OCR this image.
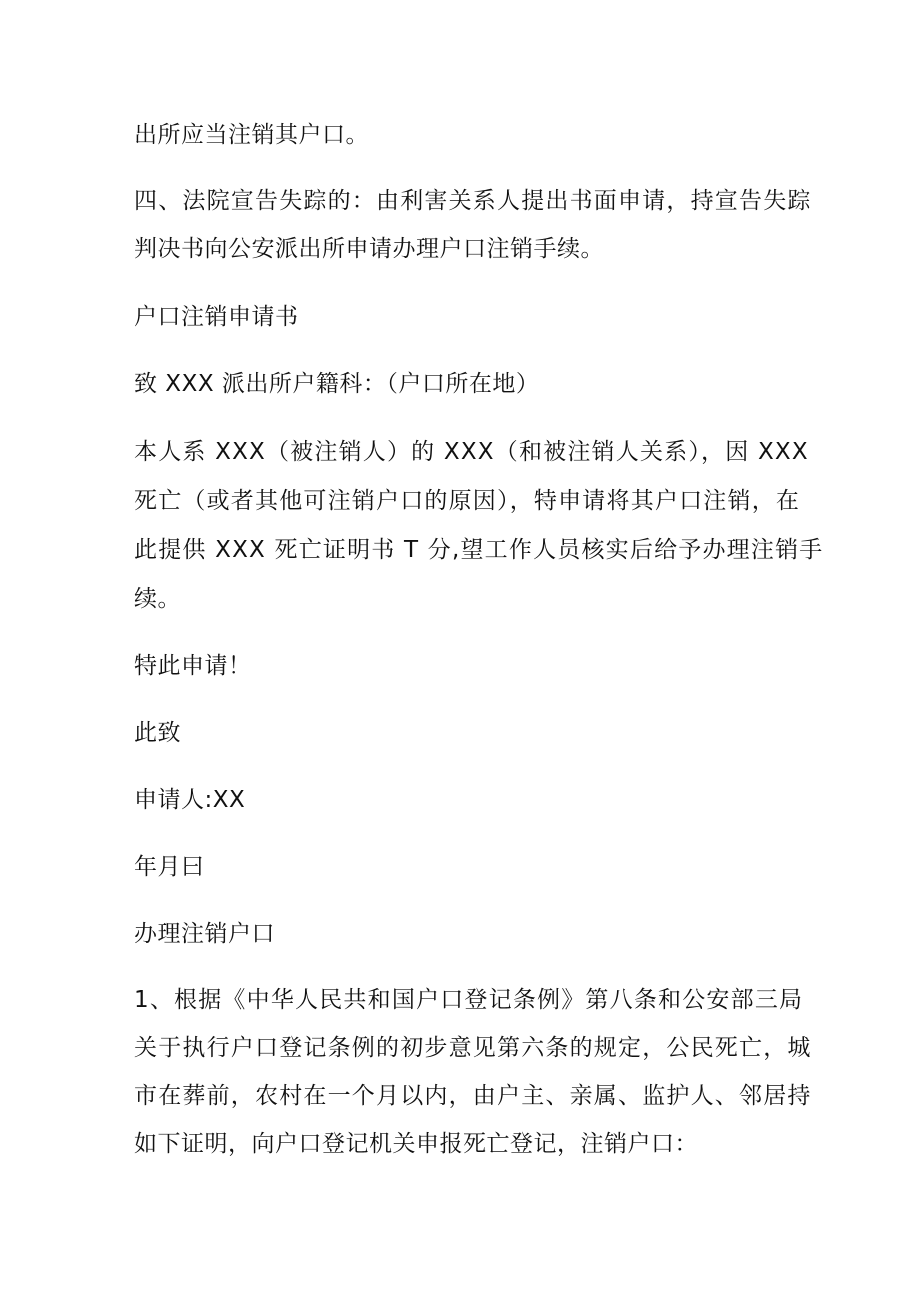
出所应当注销其户口。
四、法院宣告失踪的：由利害关系人提出书面申请，持宣告失踪
判决书向公安派出所申请办理户口注销手续。
户口注销申请书
致 XXX 派出所户籍科：（户口所在地）
本人系 XXX（被注销人）的 XXX（和被注销人关系），因 XXX
死亡（或者其他可注销户口的原因），特申请将其户口注销，在
此提供 XXX 死亡证明书 T 分,望工作人员核实后给予办理注销手
续。
特此申请！
此致
申请人:XX
年月曰
办理注销户口
1、根据《中华人民共和国户口登记条例》第八条和公安部三局
关于执行户口登记条例的初步意见第六条的规定，公民死亡，城
市在葬前，农村在一个月以内，由户主、亲属、监护人、邻居持
如下证明，向户口登记机关申报死亡登记，注销户口：
